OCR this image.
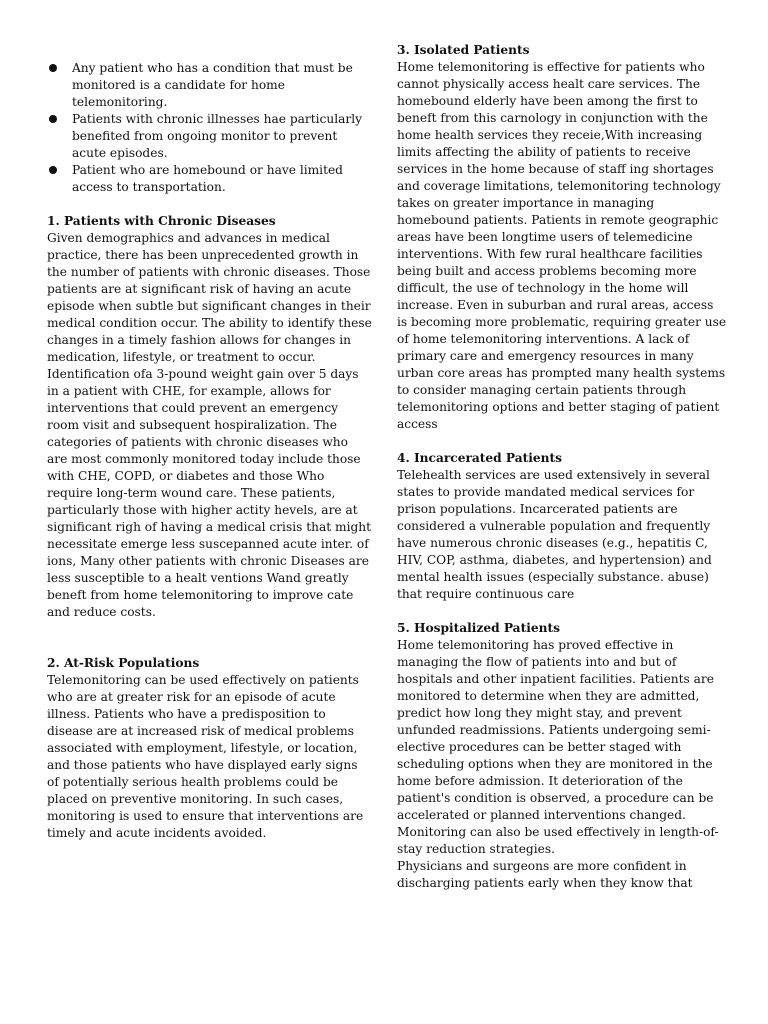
Any patient who has a condition that must be monitored is a candidate for home telemonitoring.
Patients with chronic illnesses hae particularly benefited from ongoing monitor to prevent acute episodes.
Patient who are homebound or have limited access to transportation.
1. Patients with Chronic Diseases

Given demographics and advances in medical practice, there has been unprecedented growth in the number of patients with chronic diseases. Those patients are at significant risk of having an acute episode when subtle but significant changes in their medical condition occur. The ability to identify these changes in a timely fashion allows for changes in medication, lifestyle, or treatment to occur. Identification ofa 3-pound weight gain over 5 days in a patient with CHE, for example, allows for interventions that could prevent an emergency room visit and subsequent hospiralization. The categories of patients with chronic diseases who are most commonly monitored today include those with CHE, COPD, or diabetes and those Who require long-term wound care. These patients, particularly those with higher actity hevels, are at significant righ of having a medical crisis that might necessitate emerge less suscepanned acute inter. of ions, Many other patients with chronic Diseases are less susceptible to a healt ventions Wand greatly beneft from home telemonitoring to improve cate and reduce costs.

2. At-Risk Populations

Telemonitoring can be used effectively on patients who are at greater risk for an episode of acute illness. Patients who have a predisposition to disease are at increased risk of medical problems associated with employment, lifestyle, or location, and those patients who have displayed early signs of potentially serious health problems could be placed on preventive monitoring. In such cases, monitoring is used to ensure that interventions are timely and acute incidents avoided.

3. Isolated Patients

Home telemonitoring is effective for patients who cannot physically access healt care services. The homebound elderly have been among the first to beneft from this carnology in conjunction with the home health services they receie,With increasing limits affecting the ability of patients to receive services in the home because of staff ing shortages and coverage limitations, telemonitoring technology takes on greater importance in managing homebound patients. Patients in remote geographic areas have been longtime users of telemedicine interventions. With few rural healthcare facilities being built and access problems becoming more difficult, the use of technology in the home will increase. Even in suburban and rural areas, access is becoming more problematic, requiring greater use of home telemonitoring interventions. A lack of primary care and emergency resources in many urban core areas has prompted many health systems to consider managing certain patients through telemonitoring options and better staging of patient access

4. Incarcerated Patients

Telehealth services are used extensively in several states to provide mandated medical services for prison populations. Incarcerated patients are considered a vulnerable population and frequently have numerous chronic diseases (e.g., hepatitis C, HIV, COP, asthma, diabetes, and hypertension) and mental health issues (especially substance. abuse) that require continuous care

5. Hospitalized Patients

Home telemonitoring has proved effective in managing the flow of patients into and but of hospitals and other inpatient facilities. Patients are monitored to determine when they are admitted, predict how long they might stay, and prevent unfunded readmissions. Patients undergoing semi-elective procedures can be better staged with scheduling options when they are monitored in the home before admission. It deterioration of the patient's condition is observed, a procedure can be accelerated or planned interventions changed.

Monitoring can also be used effectively in length-of-stay reduction strategies.

Physicians and surgeons are more confident in discharging patients early when they know that
